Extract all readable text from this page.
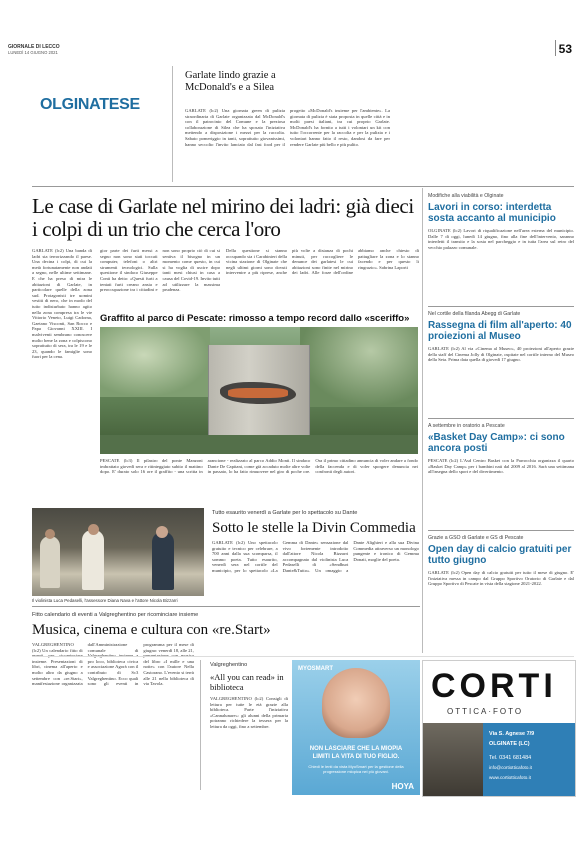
GIORNALE DI LECCO
LUNEDÌ 14 GIUGNO 2021	53
OLGINATESE
Garlate lindo grazie a McDonald's e a Silea
GARLATE (lc2) Una giornata green di pulizia straordinaria di Garlate organizzata dal McDonald's con il patrocinio del Comune e la preziosa collaborazione di Silea che ha sposato l'iniziativa mettendo a disposizione i mezzi per la raccolta. Sabato pomeriggio in tanti, soprattutto giovanissimi, hanno seccolto l'invito lanciato dal fast food per il progetto «McDonald's insieme per l'ambiente». La giornata di pulizia è stata proposta in quelle città e in molti paesi italiani, tra cui proprio Garlate. McDonald's ha fornito a tutti i volontari un kit con tutto l'occorrente per la raccolta e per la pulizia e i volontari hanno fatto il resto, dandosi da fare per rendere Garlate più bello e più pulito.
Le case di Garlate nel mirino dei ladri: già dieci i colpi di un trio che cerca l'oro
GARLATE (lc2) Una banda di ladri sta terrorizzando il paese. Una decina i colpi, di cui la metà fortunatamente non andati a segno, nelle ultime settimane. E che ha preso di mira le abitazioni di Garlate, in particolare quelle della zona sud. Protagonisti tre uomini vestiti di nero, che in modo del tutto indisturbato hanno agito nella zona compresa tra le vie Vittorio Veneto, Luigi Cadorna, Gaetano Visconti, San Rocco e Papa Giovanni XXIII. I malviventi sembrano conoscere molto bene la zona e colpiscono soprattutto di sera, tra le 19 e le 23, quando le famiglie sono fuori per la cena.
gior parte dei furti messi a segno non sono stati toccati computer, telefoni o altri strumenti tecnologici. Sulla questione il sindaco Giuseppe Conti ha detto: «Questi furti a tentati furti creano ansia e preoccupazione tra i cittadini e non sono proprio ciò di cui si sentiva il bisogno in un momento come questo, in cui si ha voglia di uscire dopo tanti mesi chiusi in casa a causa del Covid-19. Invito tutti ad utilizzare la massima prudenza.
Della questione si stanno occupando sia i Carabinieri della vicina stazione di Olginate che negli ultimi giorni sono dovuti intervenire a più riprese, anche più volte a distanza di pochi minuti, per raccogliere le denunce dei garlatesi le cui abitazioni sono finite nel mirino dei ladri. Alle forze dell'ordine abbiamo anche chiesto di pattugliare la zona e lo stanno facendo e per questo li ringrazio». Sabrina Laporti
Graffito al parco di Pescate: rimosso a tempo record dallo «sceriffo»
PESCATE (lc3) Il pilastro del ponte Manzoni imbrattato giovedì sera e ritinteggiato subito il mattino dopo. E' durato solo 16 ore il graffito - una scritta in arancione - realizzato al parco Addio Monti. Il sindaco Dante De Capitani, come già accaduto molte altre volte in passato, lo ha fatto rimuovere nel giro di poche ore. Ora il primo cittadino annuncia di voler andare a fondo della faccenda e di voler sporgere denuncia nei confronti degli autori.
Tutto esaurito venerdì a Garlate per lo spettacolo su Dante
Sotto le stelle la Divin Commedia
Il violinista Luca Pedaselli, l'assessore Diana Nava e l'attore Nicola Bizzarri
GARLATE (lc2) Uno spettacolo gratuito e tecnico per celebrare, a 700 anni dalla sua scomparsa, il sommo poeta. Tutto esaurito, venerdì sera nel cortile del municipio, per lo spettacolo «La Gemma di Dante» sensazione dal vivo fortemente introdotto dall'attore Nicola Bizzarri accompagnato dal violinista Luca Pedaselli di «Sendburt Dante&Tutto». Un omaggio a Dante Alighieri e alla sua Divina Commedia attraverso un monologo pungente e ironico di Gemma Donati, moglie del poeta.
Fitto calendario di eventi a Valgreghentino per ricominciare insieme
Musica, cinema e cultura con «re.Start»
VALGREGHENTINO (lc2) Un calendario fitto di insieme. Presentazioni di libri, cinema all'aperto e molto altro da giugno a settembre con «re.Start», manifestazione organizzata dall'Amministrazione comunale di pro loco, biblioteca civica e associazione Agorà con il contributo di Sc3 Valgreghentino. Ecco quali sono gli eventi in programma per il mese di giugno: venerdì 18, alle 21, del libro «I mille e una notte» con l'autore Nella Castorano. L'evento si terrà alle 21 nella biblioteca di via Tavola.
Valgreghentino
«All you can read» in biblioteca
VALGREGHENTINO (lc2) Consigli di lettura per tutte le età grazie alla biblioteca. Parte l'iniziativa «Cannalunare»: gli alunni della primaria potranno richiedere la tessera per la lettura da oggi, fino a settembre.
MYOSMART
NON LASCIARE CHE LA MIOPIA
LIMITI LA VITA DI TUO FIGLIO.
Chiedi le lenti da vista MyoSmart per la gestione della progressione miopica nei più giovani.
HOYA
CORTI
OTTICA·FOTO
Via S. Agnese 7/9
OLGINATE (LC)
Tel. 0341 681484
info@cortiotticafoto.it
www.cortiotticafoto.it
Modifiche alla viabilità e Olginate
Lavori in corso: interdetta sosta accanto al municipio
OLGINATE (lc2) Lavori di riqualificazione nell'area esterna del municipio. Dalle 7 di oggi, lunedì 14 giugno, fino alla fine dell'intervento, saranno interdetti il transito e la sosta nel parcheggio e in tutta l'area sul retro del vecchio palazzo comunale.
Nel cortile della filanda Abegg di Garlate
Rassegna di film all'aperto: 40 proiezioni al Museo
GARLATE (lc2) Al via «Cinema al Museo», 40 proiezioni all'aperto grazie della staff del Cinema Jolly di Olginate, ospitate nel cortile interno del Museo della Seta. Prima data quella di giovedì 17 giugno.
A settembre in oratorio a Pescate
«Basket Day Camp»: ci sono ancora posti
PESCATE (lc2) L'Asd Centro Basket con la Parrocchia organizza il quarto «Basket Day Camp» per i bambini nati dal 2009 al 2016. Sarà una settimana all'insegna dello sport e del divertimento.
Grazie a GSO di Garlate e GS di Pescate
Open day di calcio gratuiti per tutto giugno
GARLATE (lc2) Open day di calcio gratuiti per tutto il mese di giugno. E' l'iniziativa messa in campo dal Gruppo Sportivo Oratorio di Garlate e dal Gruppo Sportivo di Pescate in vista della stagione 2021-2022.
